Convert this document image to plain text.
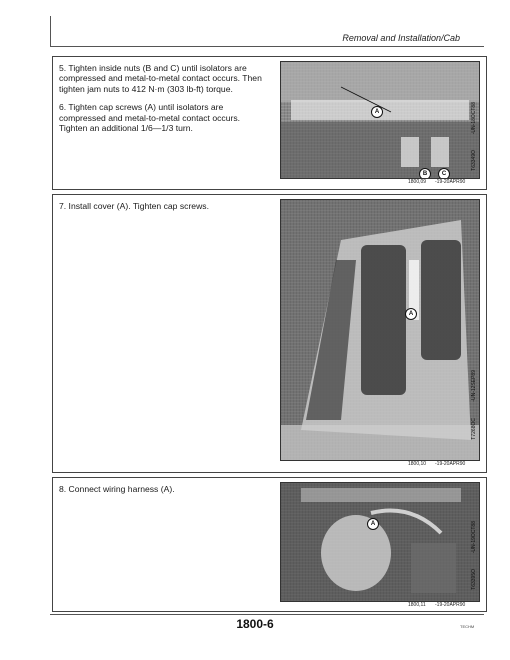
Removal and Installation/Cab

5. Tighten inside nuts (B and C) until isolators are compressed and metal-to-metal contact occurs. Then tighten jam nuts to 412 N·m (303 lb-ft) torque.

6. Tighten cap screws (A) until isolators are compressed and metal-to-metal contact occurs. Tighten an additional 1/6—1/3 turn.

A
B	C
-UN-18OCT88
T63349O
1800,09 -19-20APR90

7. Install cover (A). Tighten cap screws.

A
-UN-12SEP89
T7268OC
1800,10 -19-20APR90

8. Connect wiring harness (A).

A	-UN-19OCT88
T63395O
1800,11 -19-20APR90
1800-6	TECHM
